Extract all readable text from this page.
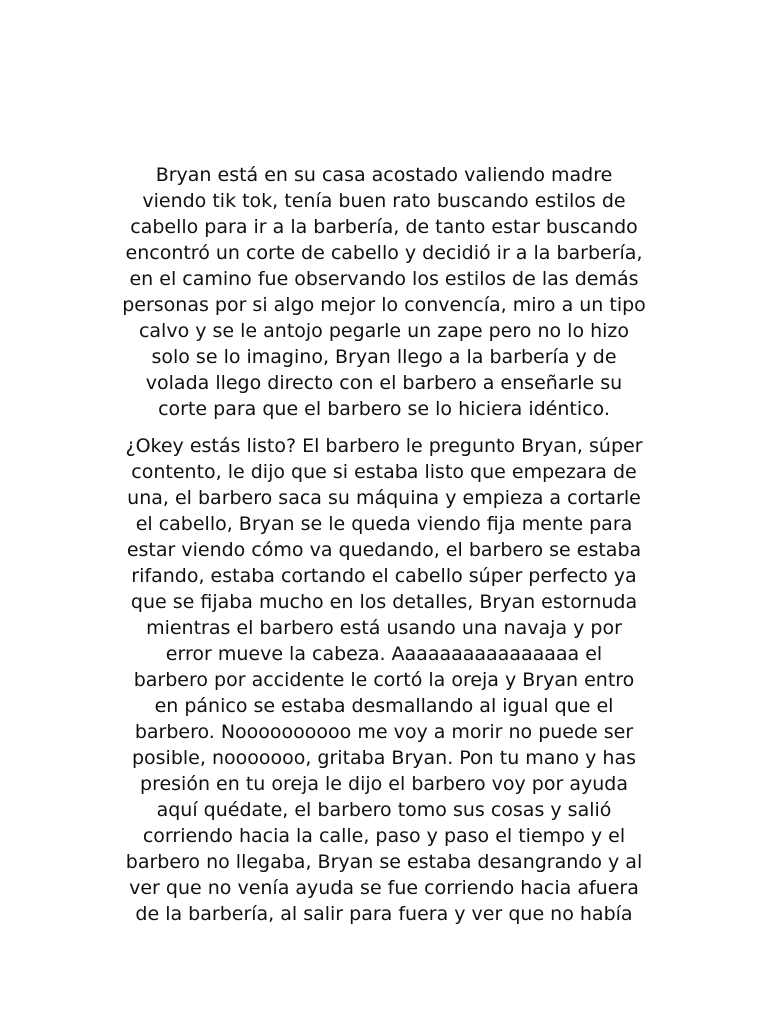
Bryan está en su casa acostado valiendo madre
viendo tik tok, tenía buen rato buscando estilos de
cabello para ir a la barbería, de tanto estar buscando
encontró un corte de cabello y decidió ir a la barbería,
en el camino fue observando los estilos de las demás
personas por si algo mejor lo convencía, miro a un tipo
calvo y se le antojo pegarle un zape pero no lo hizo
solo se lo imagino, Bryan llego a la barbería y de
volada llego directo con el barbero a enseñarle su
corte para que el barbero se lo hiciera idéntico.
¿Okey estás listo? El barbero le pregunto Bryan, súper
contento, le dijo que si estaba listo que empezara de
una, el barbero saca su máquina y empieza a cortarle
el cabello, Bryan se le queda viendo fija mente para
estar viendo cómo va quedando, el barbero se estaba
rifando, estaba cortando el cabello súper perfecto ya
que se fijaba mucho en los detalles, Bryan estornuda
mientras el barbero está usando una navaja y por
error mueve la cabeza. Aaaaaaaaaaaaaaaa el
barbero por accidente le cortó la oreja y Bryan entro
en pánico se estaba desmallando al igual que el
barbero. Noooooooooo me voy a morir no puede ser
posible, nooooooo, gritaba Bryan. Pon tu mano y has
presión en tu oreja le dijo el barbero voy por ayuda
aquí quédate, el barbero tomo sus cosas y salió
corriendo hacia la calle, paso y paso el tiempo y el
barbero no llegaba, Bryan se estaba desangrando y al
ver que no venía ayuda se fue corriendo hacia afuera
de la barbería, al salir para fuera y ver que no había
